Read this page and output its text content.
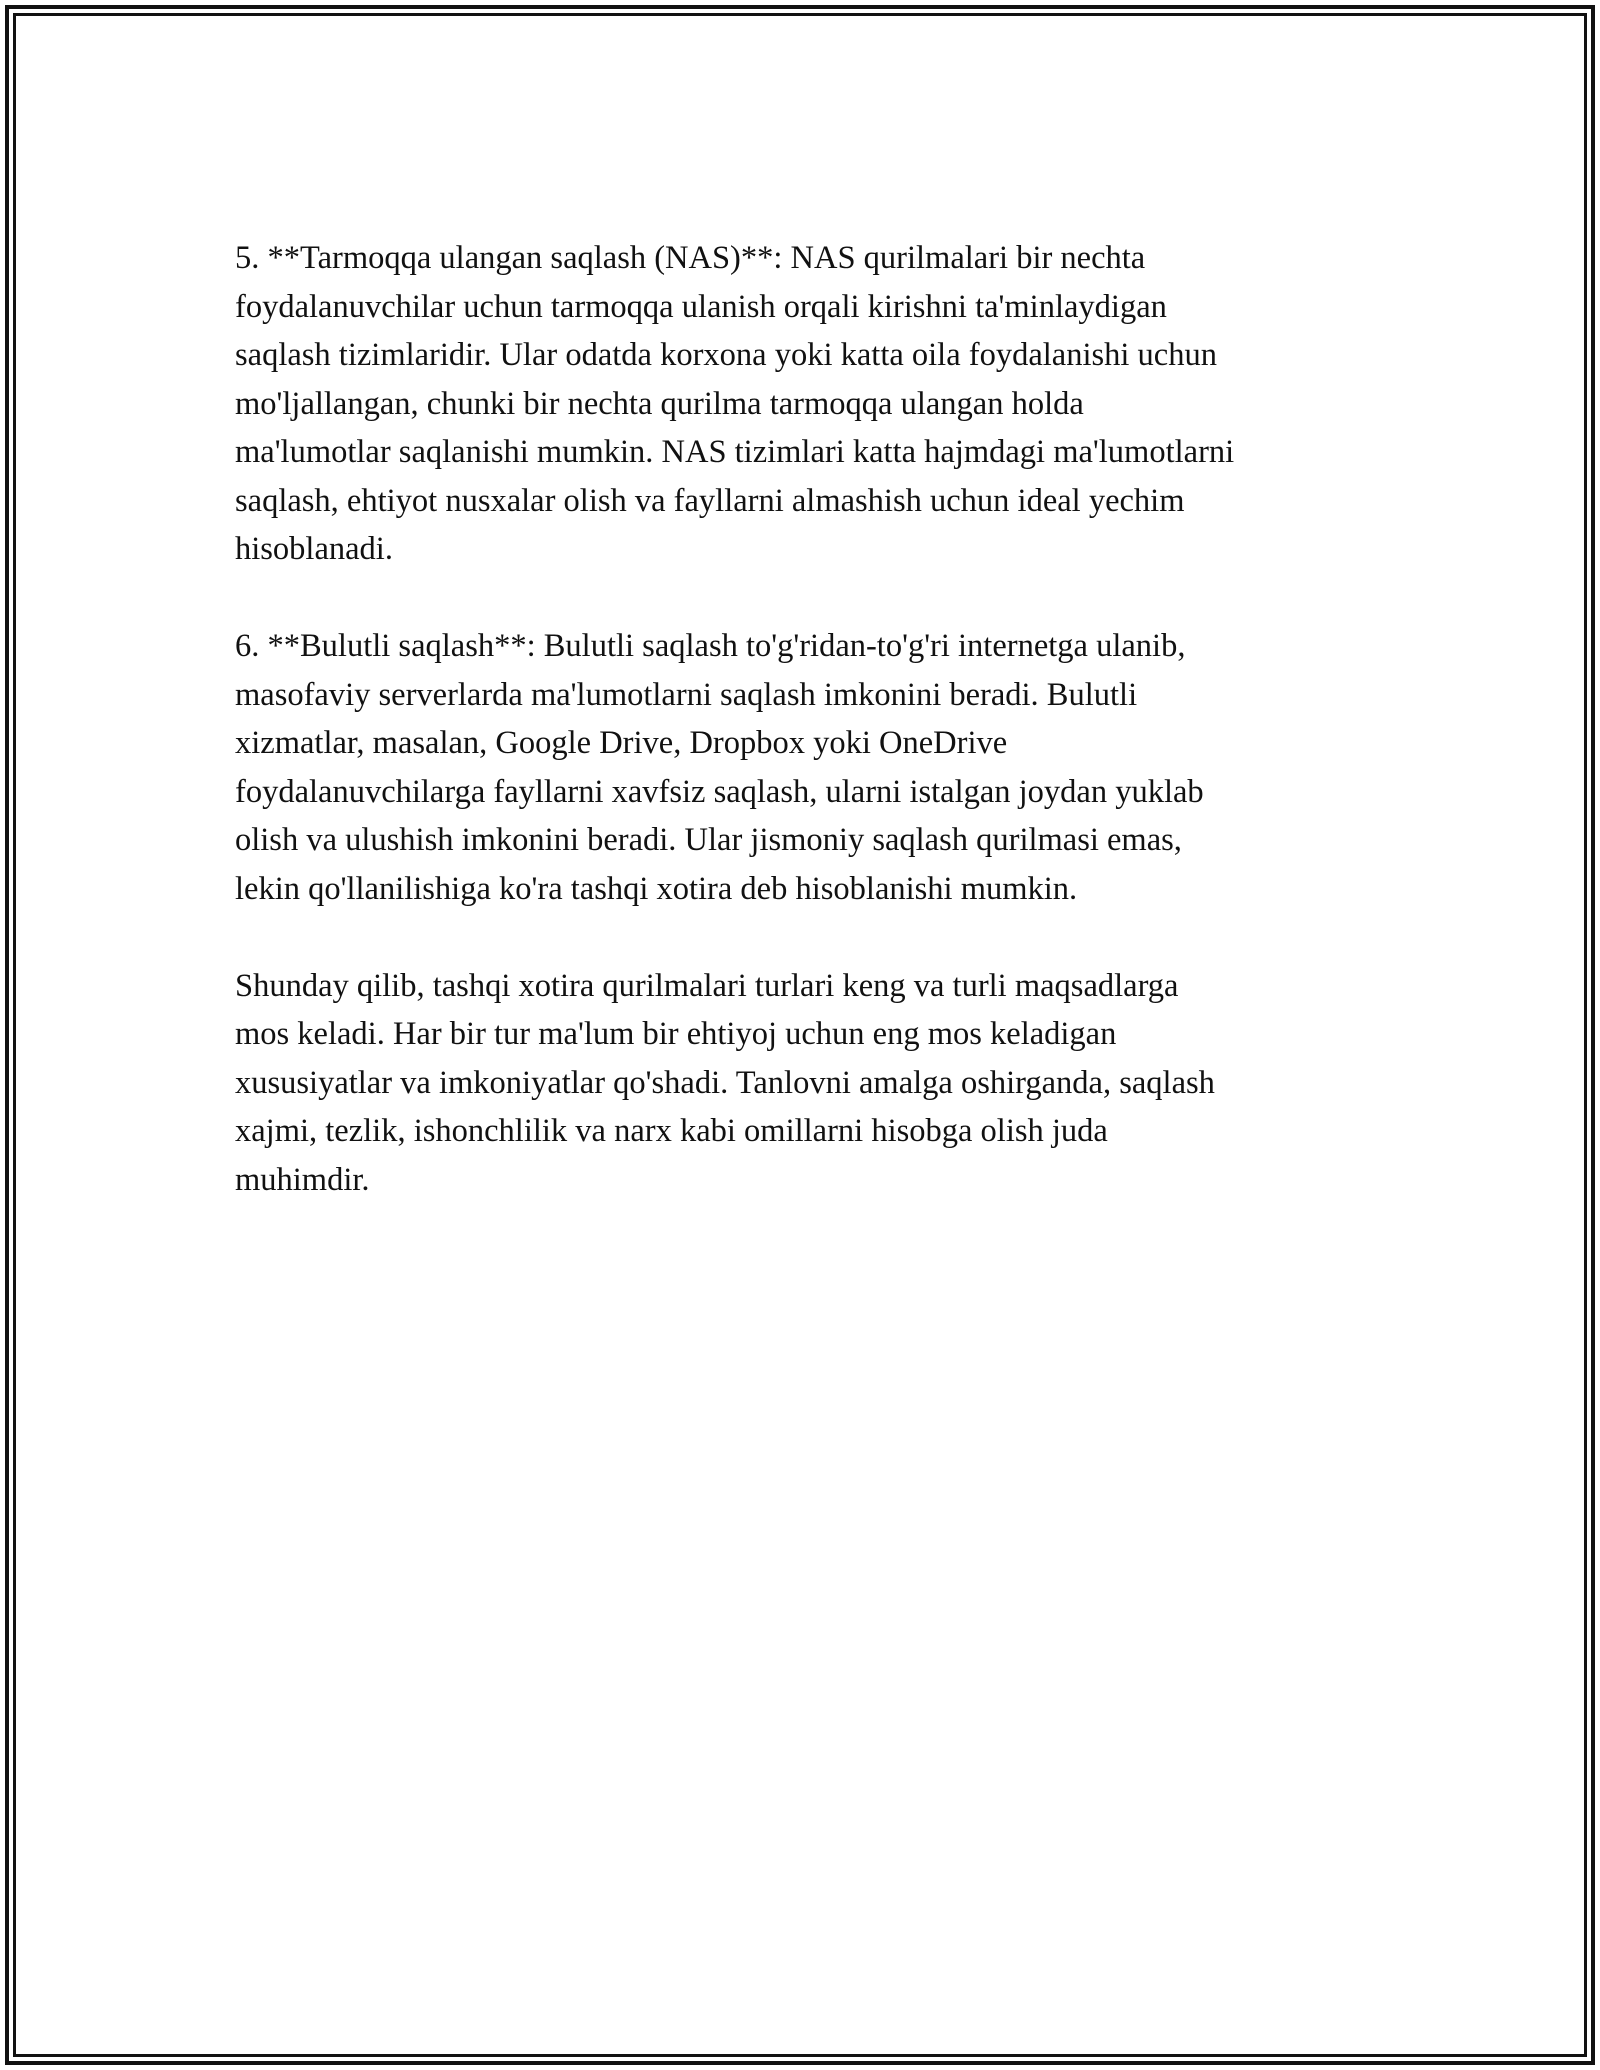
5. **Tarmoqqa ulangan saqlash (NAS)**: NAS qurilmalari bir nechta
foydalanuvchilar uchun tarmoqqa ulanish orqali kirishni ta'minlaydigan
saqlash tizimlaridir. Ular odatda korxona yoki katta oila foydalanishi uchun
mo'ljallangan, chunki bir nechta qurilma tarmoqqa ulangan holda
ma'lumotlar saqlanishi mumkin. NAS tizimlari katta hajmdagi ma'lumotlarni
saqlash, ehtiyot nusxalar olish va fayllarni almashish uchun ideal yechim
hisoblanadi.

6. **Bulutli saqlash**: Bulutli saqlash to'g'ridan-to'g'ri internetga ulanib,
masofaviy serverlarda ma'lumotlarni saqlash imkonini beradi. Bulutli
xizmatlar, masalan, Google Drive, Dropbox yoki OneDrive
foydalanuvchilarga fayllarni xavfsiz saqlash, ularni istalgan joydan yuklab
olish va ulushish imkonini beradi. Ular jismoniy saqlash qurilmasi emas,
lekin qo'llanilishiga ko'ra tashqi xotira deb hisoblanishi mumkin.

Shunday qilib, tashqi xotira qurilmalari turlari keng va turli maqsadlarga
mos keladi. Har bir tur ma'lum bir ehtiyoj uchun eng mos keladigan
xususiyatlar va imkoniyatlar qo'shadi. Tanlovni amalga oshirganda, saqlash
xajmi, tezlik, ishonchlilik va narx kabi omillarni hisobga olish juda
muhimdir.
